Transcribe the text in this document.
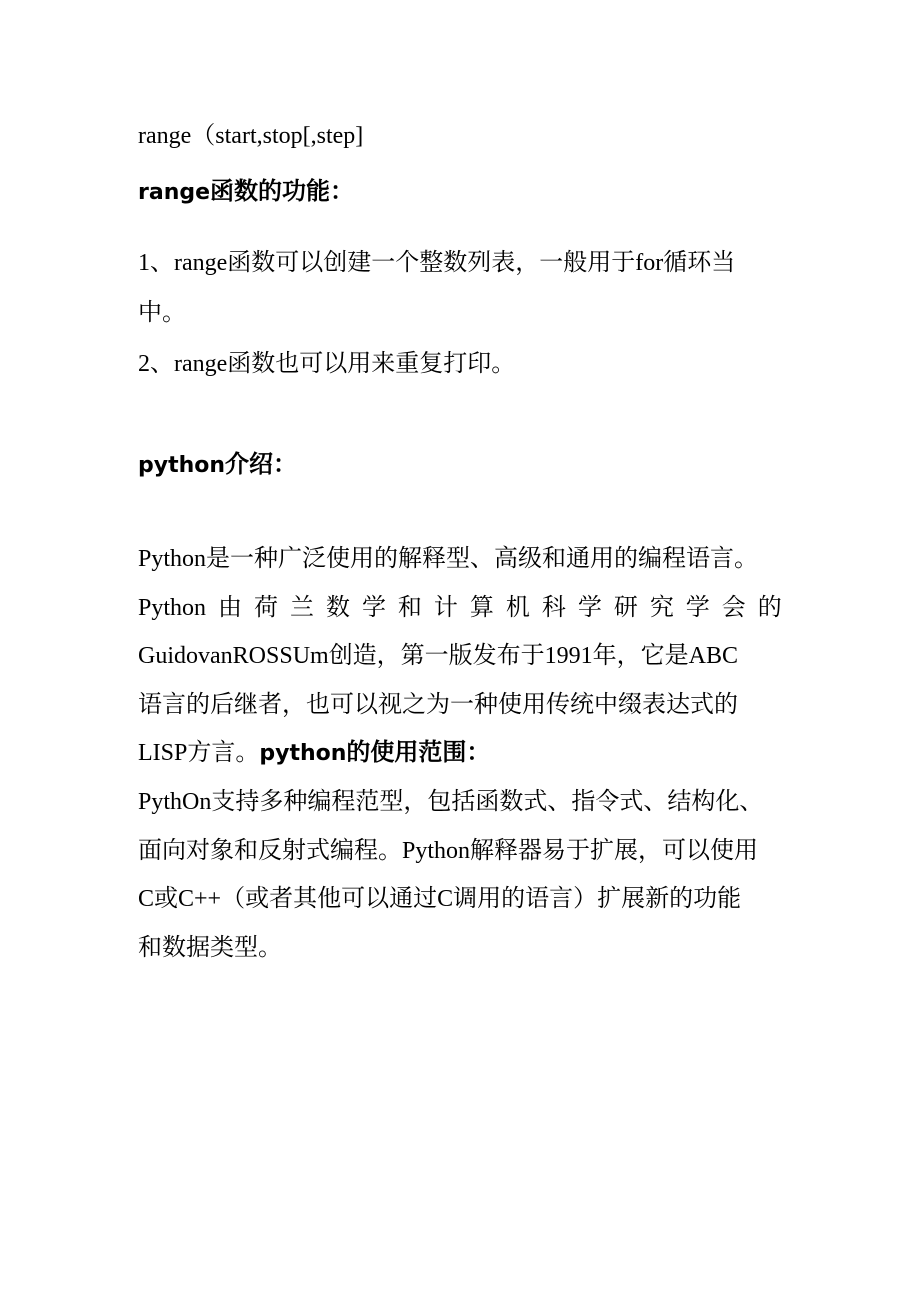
range（start,stop[,step]
range函数的功能：
1、range函数可以创建一个整数列表，一般用于for循环当
中。
2、range函数也可以用来重复打印。
python介绍：
Python是一种广泛使用的解释型、高级和通用的编程语言。
Python 由 荷 兰 数 学 和 计 算 机 科 学 研 究 学 会 的
GuidovanROSSUm创造，第一版发布于1991年，它是ABC
语言的后继者，也可以视之为一种使用传统中缀表达式的
LISP方言。python的使用范围：
PythOn支持多种编程范型，包括函数式、指令式、结构化、
面向对象和反射式编程。Python解释器易于扩展，可以使用
C或C++（或者其他可以通过C调用的语言）扩展新的功能
和数据类型。
